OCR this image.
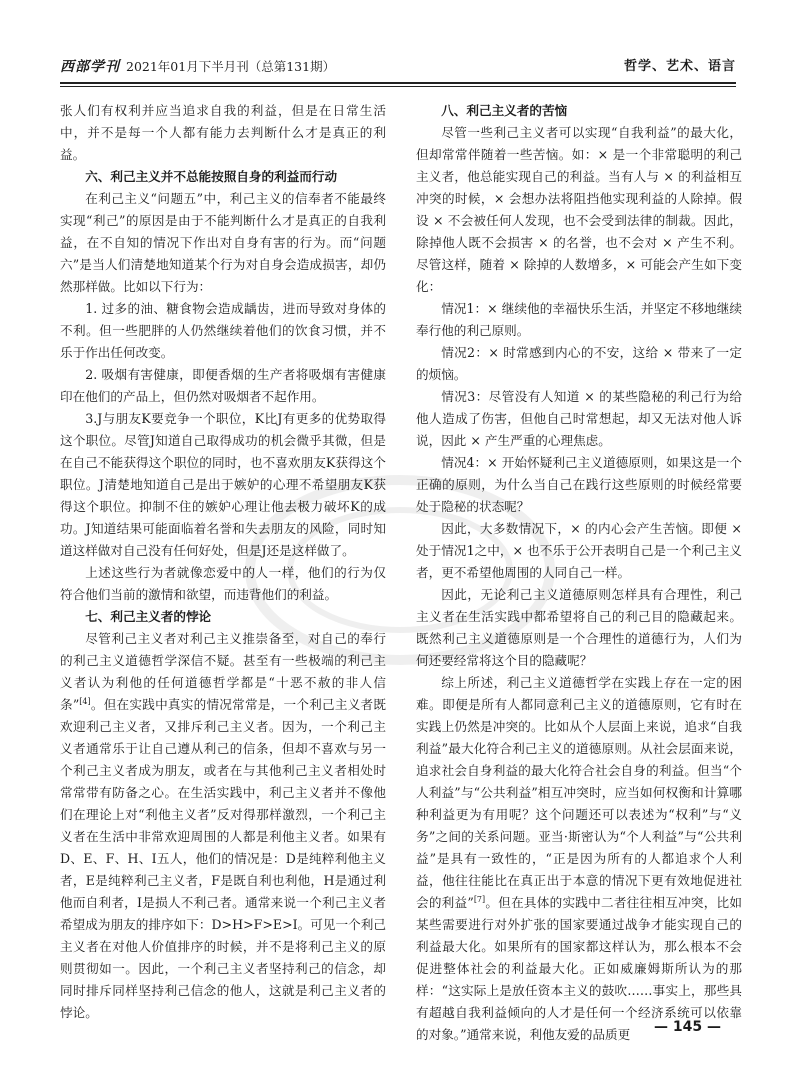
西部学刊 2021年01月下半月刊（总第131期）	哲学、艺术、语言

张人们有权利并应当追求自我的利益，但是在日常生活中，并不是每一个人都有能力去判断什么才是真正的利益。

六、利己主义并不总能按照自身的利益而行动

在利己主义“问题五”中，利己主义的信奉者不能最终实现“利己”的原因是由于不能判断什么才是真正的自我利益，在不自知的情况下作出对自身有害的行为。而“问题六”是当人们清楚地知道某个行为对自身会造成损害，却仍然那样做。比如以下行为：

1. 过多的油、糖食物会造成龋齿，进而导致对身体的不利。但一些肥胖的人仍然继续着他们的饮食习惯，并不乐于作出任何改变。

2. 吸烟有害健康，即便香烟的生产者将吸烟有害健康印在他们的产品上，但仍然对吸烟者不起作用。

3.J与朋友K要竞争一个职位，K比J有更多的优势取得这个职位。尽管J知道自己取得成功的机会微乎其微，但是在自己不能获得这个职位的同时，也不喜欢朋友K获得这个职位。J清楚地知道自己是出于嫉妒的心理不希望朋友K获得这个职位。抑制不住的嫉妒心理让他去极力破坏K的成功。J知道结果可能面临着名誉和失去朋友的风险，同时知道这样做对自己没有任何好处，但是J还是这样做了。

上述这些行为者就像恋爱中的人一样，他们的行为仅符合他们当前的激情和欲望，而违背他们的利益。

七、利己主义者的悖论

尽管利己主义者对利己主义推崇备至，对自己的奉行的利己主义道德哲学深信不疑。甚至有一些极端的利己主义者认为利他的任何道德哲学都是“十恶不赦的非人信条”[4]。但在实践中真实的情况常常是，一个利己主义者既欢迎利己主义者，又排斥利己主义者。因为，一个利己主义者通常乐于让自己遵从利己的信条，但却不喜欢与另一个利己主义者成为朋友，或者在与其他利己主义者相处时常常带有防备之心。在生活实践中，利己主义者并不像他们在理论上对“利他主义者”反对得那样激烈，一个利己主义者在生活中非常欢迎周围的人都是利他主义者。如果有D、E、F、H、I五人，他们的情况是：D是纯粹利他主义者，E是纯粹利己主义者，F是既自利也利他，H是通过利他而自利者，I是损人不利己者。通常来说一个利己主义者希望成为朋友的排序如下：D>H>F>E>I。可见一个利己主义者在对他人价值排序的时候，并不是将利己主义的原则贯彻如一。因此，一个利己主义者坚持利己的信念，却同时排斥同样坚持利己信念的他人，这就是利己主义者的悖论。

八、利己主义者的苦恼

尽管一些利己主义者可以实现“自我利益”的最大化，但却常常伴随着一些苦恼。如：× 是一个非常聪明的利己主义者，他总能实现自己的利益。当有人与 × 的利益相互冲突的时候，× 会想办法将阻挡他实现利益的人除掉。假设 × 不会被任何人发现，也不会受到法律的制裁。因此，除掉他人既不会损害 × 的名誉，也不会对 × 产生不利。尽管这样，随着 × 除掉的人数增多，× 可能会产生如下变化：

情况1：× 继续他的幸福快乐生活，并坚定不移地继续奉行他的利己原则。

情况2：× 时常感到内心的不安，这给 × 带来了一定的烦恼。

情况3：尽管没有人知道 × 的某些隐秘的利己行为给他人造成了伤害，但他自己时常想起，却又无法对他人诉说，因此 × 产生严重的心理焦虑。

情况4：× 开始怀疑利己主义道德原则，如果这是一个正确的原则，为什么当自己在践行这些原则的时候经常要处于隐秘的状态呢？

因此，大多数情况下，× 的内心会产生苦恼。即便 × 处于情况1之中，× 也不乐于公开表明自己是一个利己主义者，更不希望他周围的人同自己一样。

因此，无论利己主义道德原则怎样具有合理性，利己主义者在生活实践中都希望将自己的利己目的隐藏起来。既然利己主义道德原则是一个合理性的道德行为，人们为何还要经常将这个目的隐藏呢？

综上所述，利己主义道德哲学在实践上存在一定的困难。即便是所有人都同意利己主义的道德原则，它有时在实践上仍然是冲突的。比如从个人层面上来说，追求“自我利益”最大化符合利己主义的道德原则。从社会层面来说，追求社会自身利益的最大化符合社会自身的利益。但当“个人利益”与“公共利益”相互冲突时，应当如何权衡和计算哪种利益更为有用呢？这个问题还可以表述为“权利”与“义务”之间的关系问题。亚当·斯密认为“个人利益”与“公共利益”是具有一致性的，“正是因为所有的人都追求个人利益，他往往能比在真正出于本意的情况下更有效地促进社会的利益”[7]。但在具体的实践中二者往往相互冲突，比如某些需要进行对外扩张的国家要通过战争才能实现自己的利益最大化。如果所有的国家都这样认为，那么根本不会促进整体社会的利益最大化。正如威廉姆斯所认为的那样：“这实际上是放任资本主义的鼓吹……事实上，那些具有超越自我利益倾向的人才是任何一个经济系统可以依靠的对象。”通常来说，利他友爱的品质更	— 145 —
